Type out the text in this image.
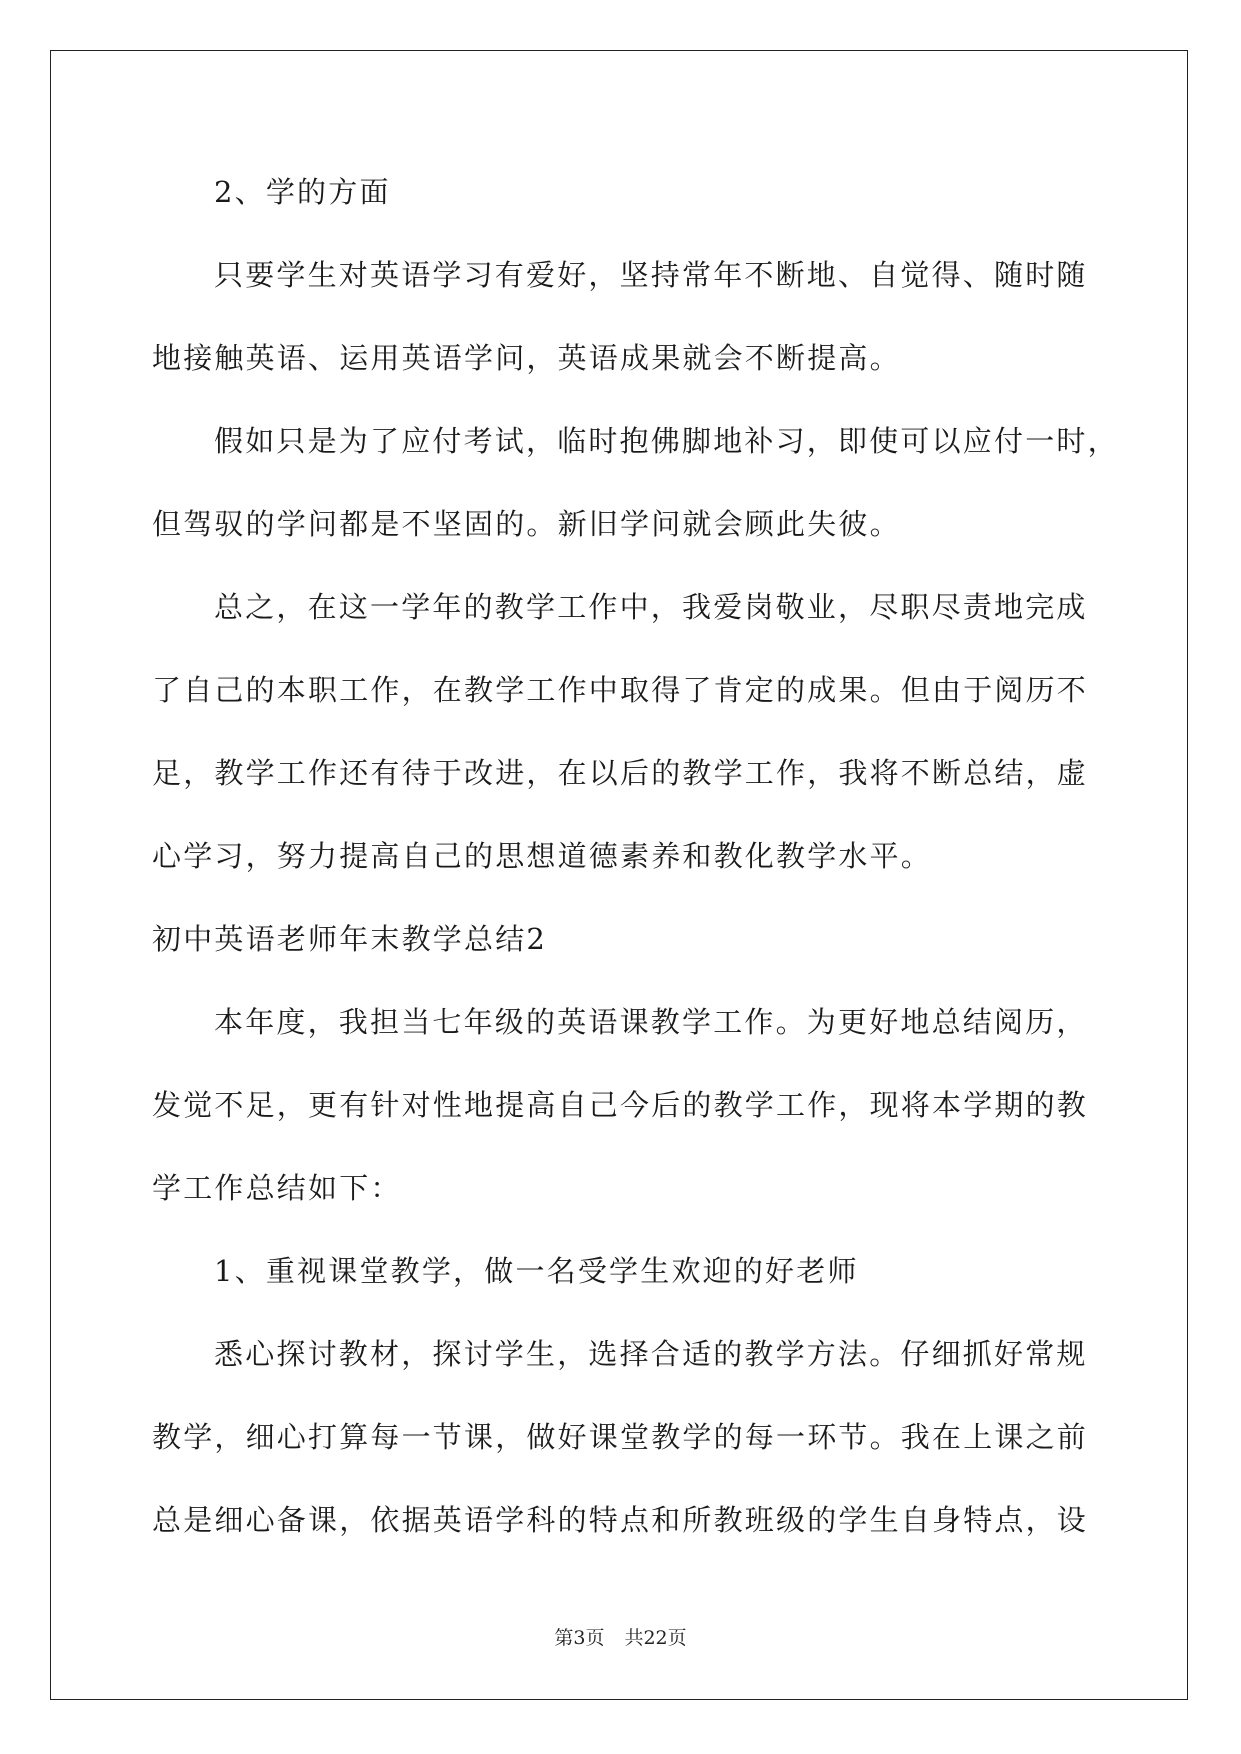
2、学的方面
只要学生对英语学习有爱好，坚持常年不断地、自觉得、随时随
地接触英语、运用英语学问，英语成果就会不断提高。
假如只是为了应付考试，临时抱佛脚地补习，即使可以应付一时，
但驾驭的学问都是不坚固的。新旧学问就会顾此失彼。
总之，在这一学年的教学工作中，我爱岗敬业，尽职尽责地完成
了自己的本职工作，在教学工作中取得了肯定的成果。但由于阅历不
足，教学工作还有待于改进，在以后的教学工作，我将不断总结，虚
心学习，努力提高自己的思想道德素养和教化教学水平。
初中英语老师年末教学总结2
本年度，我担当七年级的英语课教学工作。为更好地总结阅历，
发觉不足，更有针对性地提高自己今后的教学工作，现将本学期的教
学工作总结如下：
1、重视课堂教学，做一名受学生欢迎的好老师
悉心探讨教材，探讨学生，选择合适的教学方法。仔细抓好常规
教学，细心打算每一节课，做好课堂教学的每一环节。我在上课之前
总是细心备课，依据英语学科的特点和所教班级的学生自身特点，设
第3页 共22页
